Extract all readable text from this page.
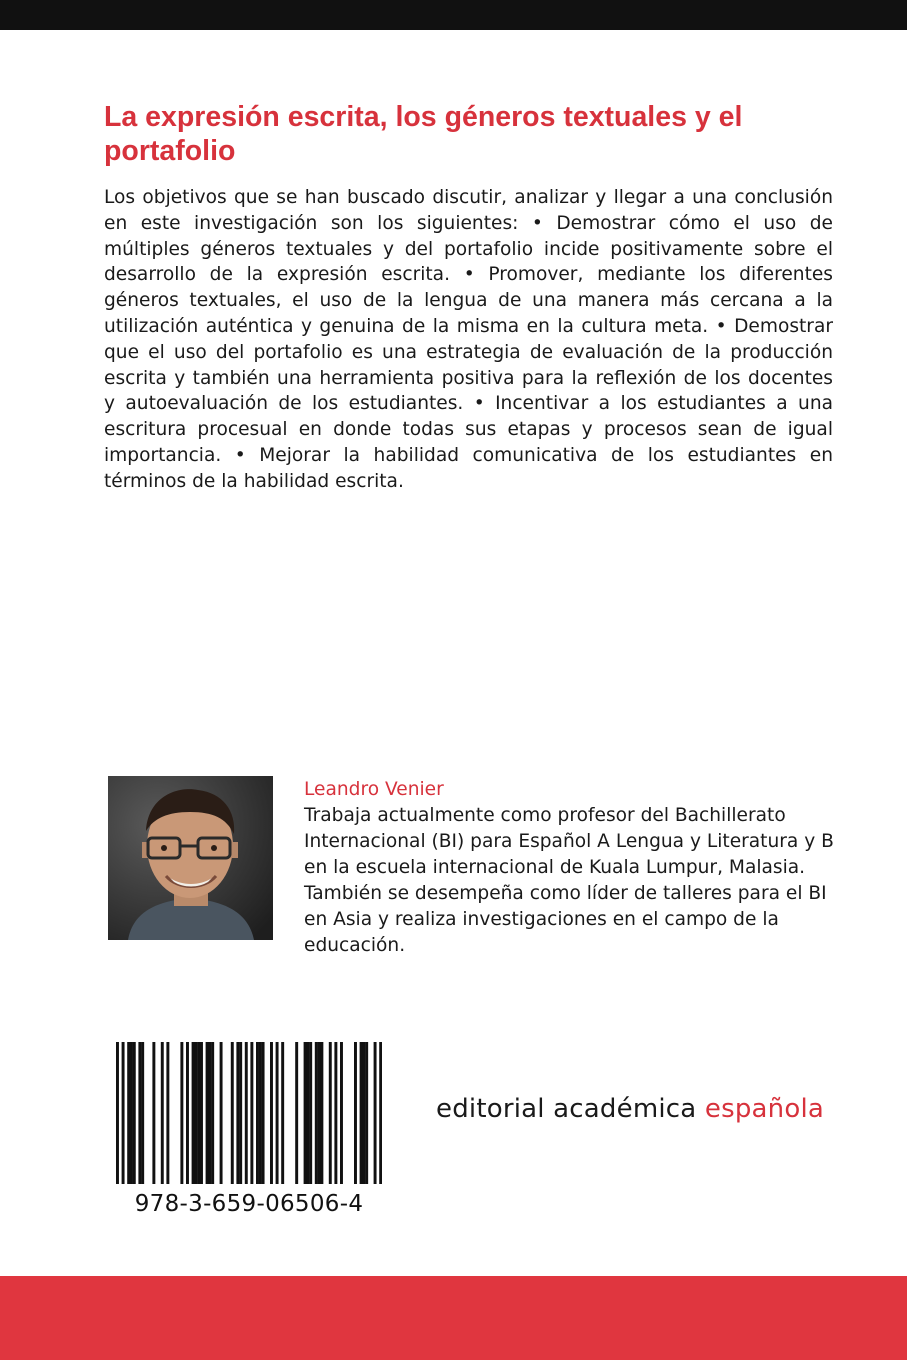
La expresión escrita, los géneros textuales y el portafolio

Los objetivos que se han buscado discutir, analizar y llegar a una conclusión en este investigación son los siguientes: • Demostrar cómo el uso de múltiples géneros textuales y del portafolio incide positivamente sobre el desarrollo de la expresión escrita. • Promover, mediante los diferentes géneros textuales, el uso de la lengua de una manera más cercana a la utilización auténtica y genuina de la misma en la cultura meta. • Demostrar que el uso del portafolio es una estrategia de evaluación de la producción escrita y también una herramienta positiva para la reflexión de los docentes y autoevaluación de los estudiantes. • Incentivar a los estudiantes a una escritura procesual en donde todas sus etapas y procesos sean de igual importancia. • Mejorar la habilidad comunicativa de los estudiantes en términos de la habilidad escrita.

Leandro Venier

Trabaja actualmente como profesor del Bachillerato Internacional (BI) para Español A Lengua y Literatura y B en la escuela internacional de Kuala Lumpur, Malasia. También se desempeña como líder de talleres para el BI en Asia y realiza investigaciones en el campo de la educación.

978-3-659-06506-4
editorial académica española
